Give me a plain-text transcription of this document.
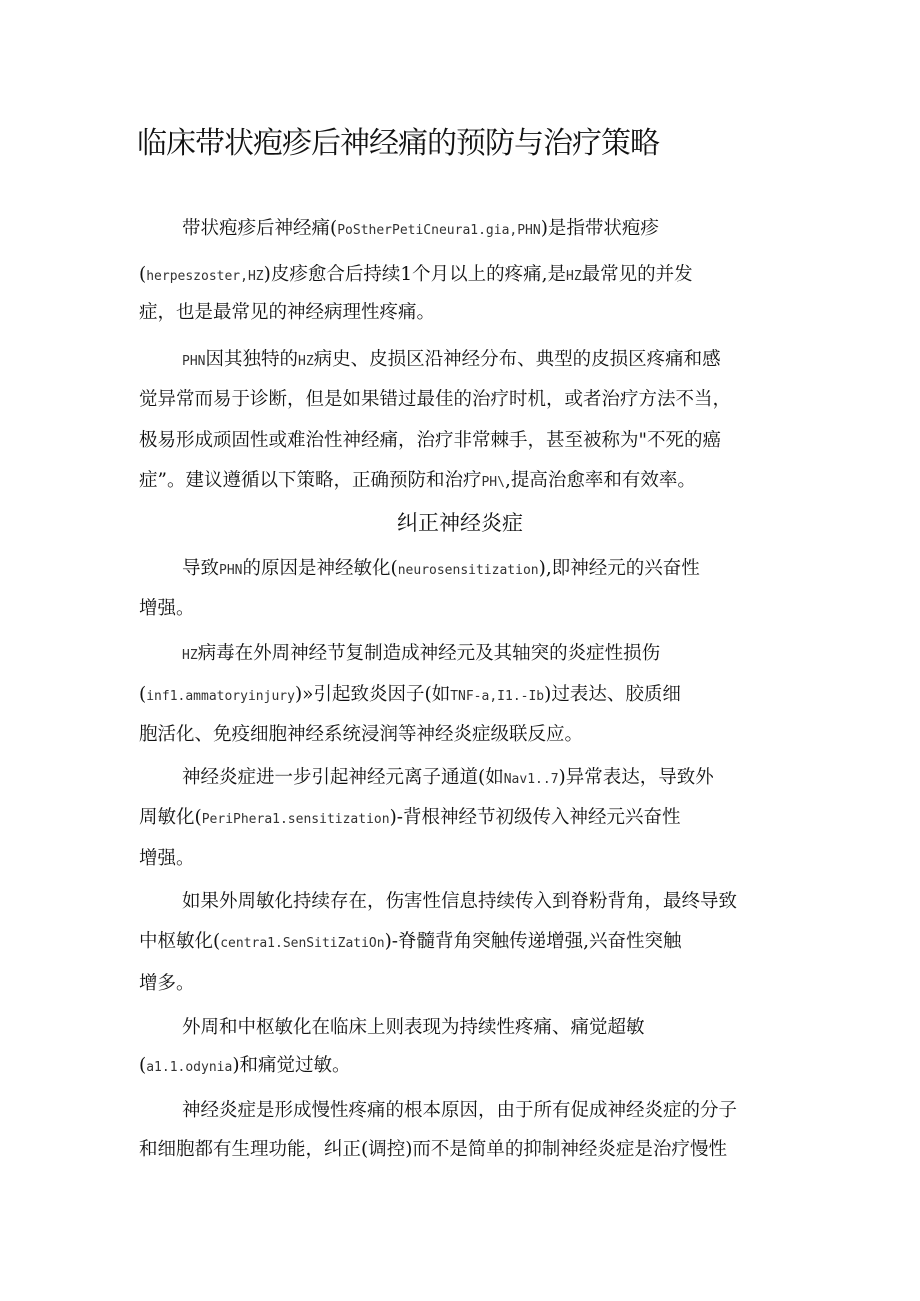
临床带状疱疹后神经痛的预防与治疗策略

带状疱疹后神经痛(PoStherPetiCneura1.gia,PHN)是指带状疱疹

(herpeszoster,HZ)皮疹愈合后持续1个月以上的疼痛,是HZ最常见的并发

症，也是最常见的神经病理性疼痛。

PHN因其独特的HZ病史、皮损区沿神经分布、典型的皮损区疼痛和感

觉异常而易于诊断，但是如果错过最佳的治疗时机，或者治疗方法不当，

极易形成顽固性或难治性神经痛，治疗非常棘手，甚至被称为"不死的癌

症”。建议遵循以下策略，正确预防和治疗PH\,提高治愈率和有效率。

纠正神经炎症

导致PHN的原因是神经敏化(neurosensitization),即神经元的兴奋性

增强。

HZ病毒在外周神经节复制造成神经元及其轴突的炎症性损伤

(inf1.ammatoryinjury)»引起致炎因子(如TNF-a,I1.-Ib)过表达、胶质细

胞活化、免疫细胞神经系统浸润等神经炎症级联反应。

神经炎症进一步引起神经元离子通道(如Nav1..7)异常表达，导致外

周敏化(PeriPhera1.sensitization)-背根神经节初级传入神经元兴奋性

增强。

如果外周敏化持续存在，伤害性信息持续传入到脊粉背角，最终导致

中枢敏化(centra1.SenSitiZatiOn)-脊髓背角突触传递增强,兴奋性突触

增多。

外周和中枢敏化在临床上则表现为持续性疼痛、痛觉超敏

(a1.1.odynia)和痛觉过敏。

神经炎症是形成慢性疼痛的根本原因，由于所有促成神经炎症的分子

和细胞都有生理功能，纠正(调控)而不是简单的抑制神经炎症是治疗慢性
